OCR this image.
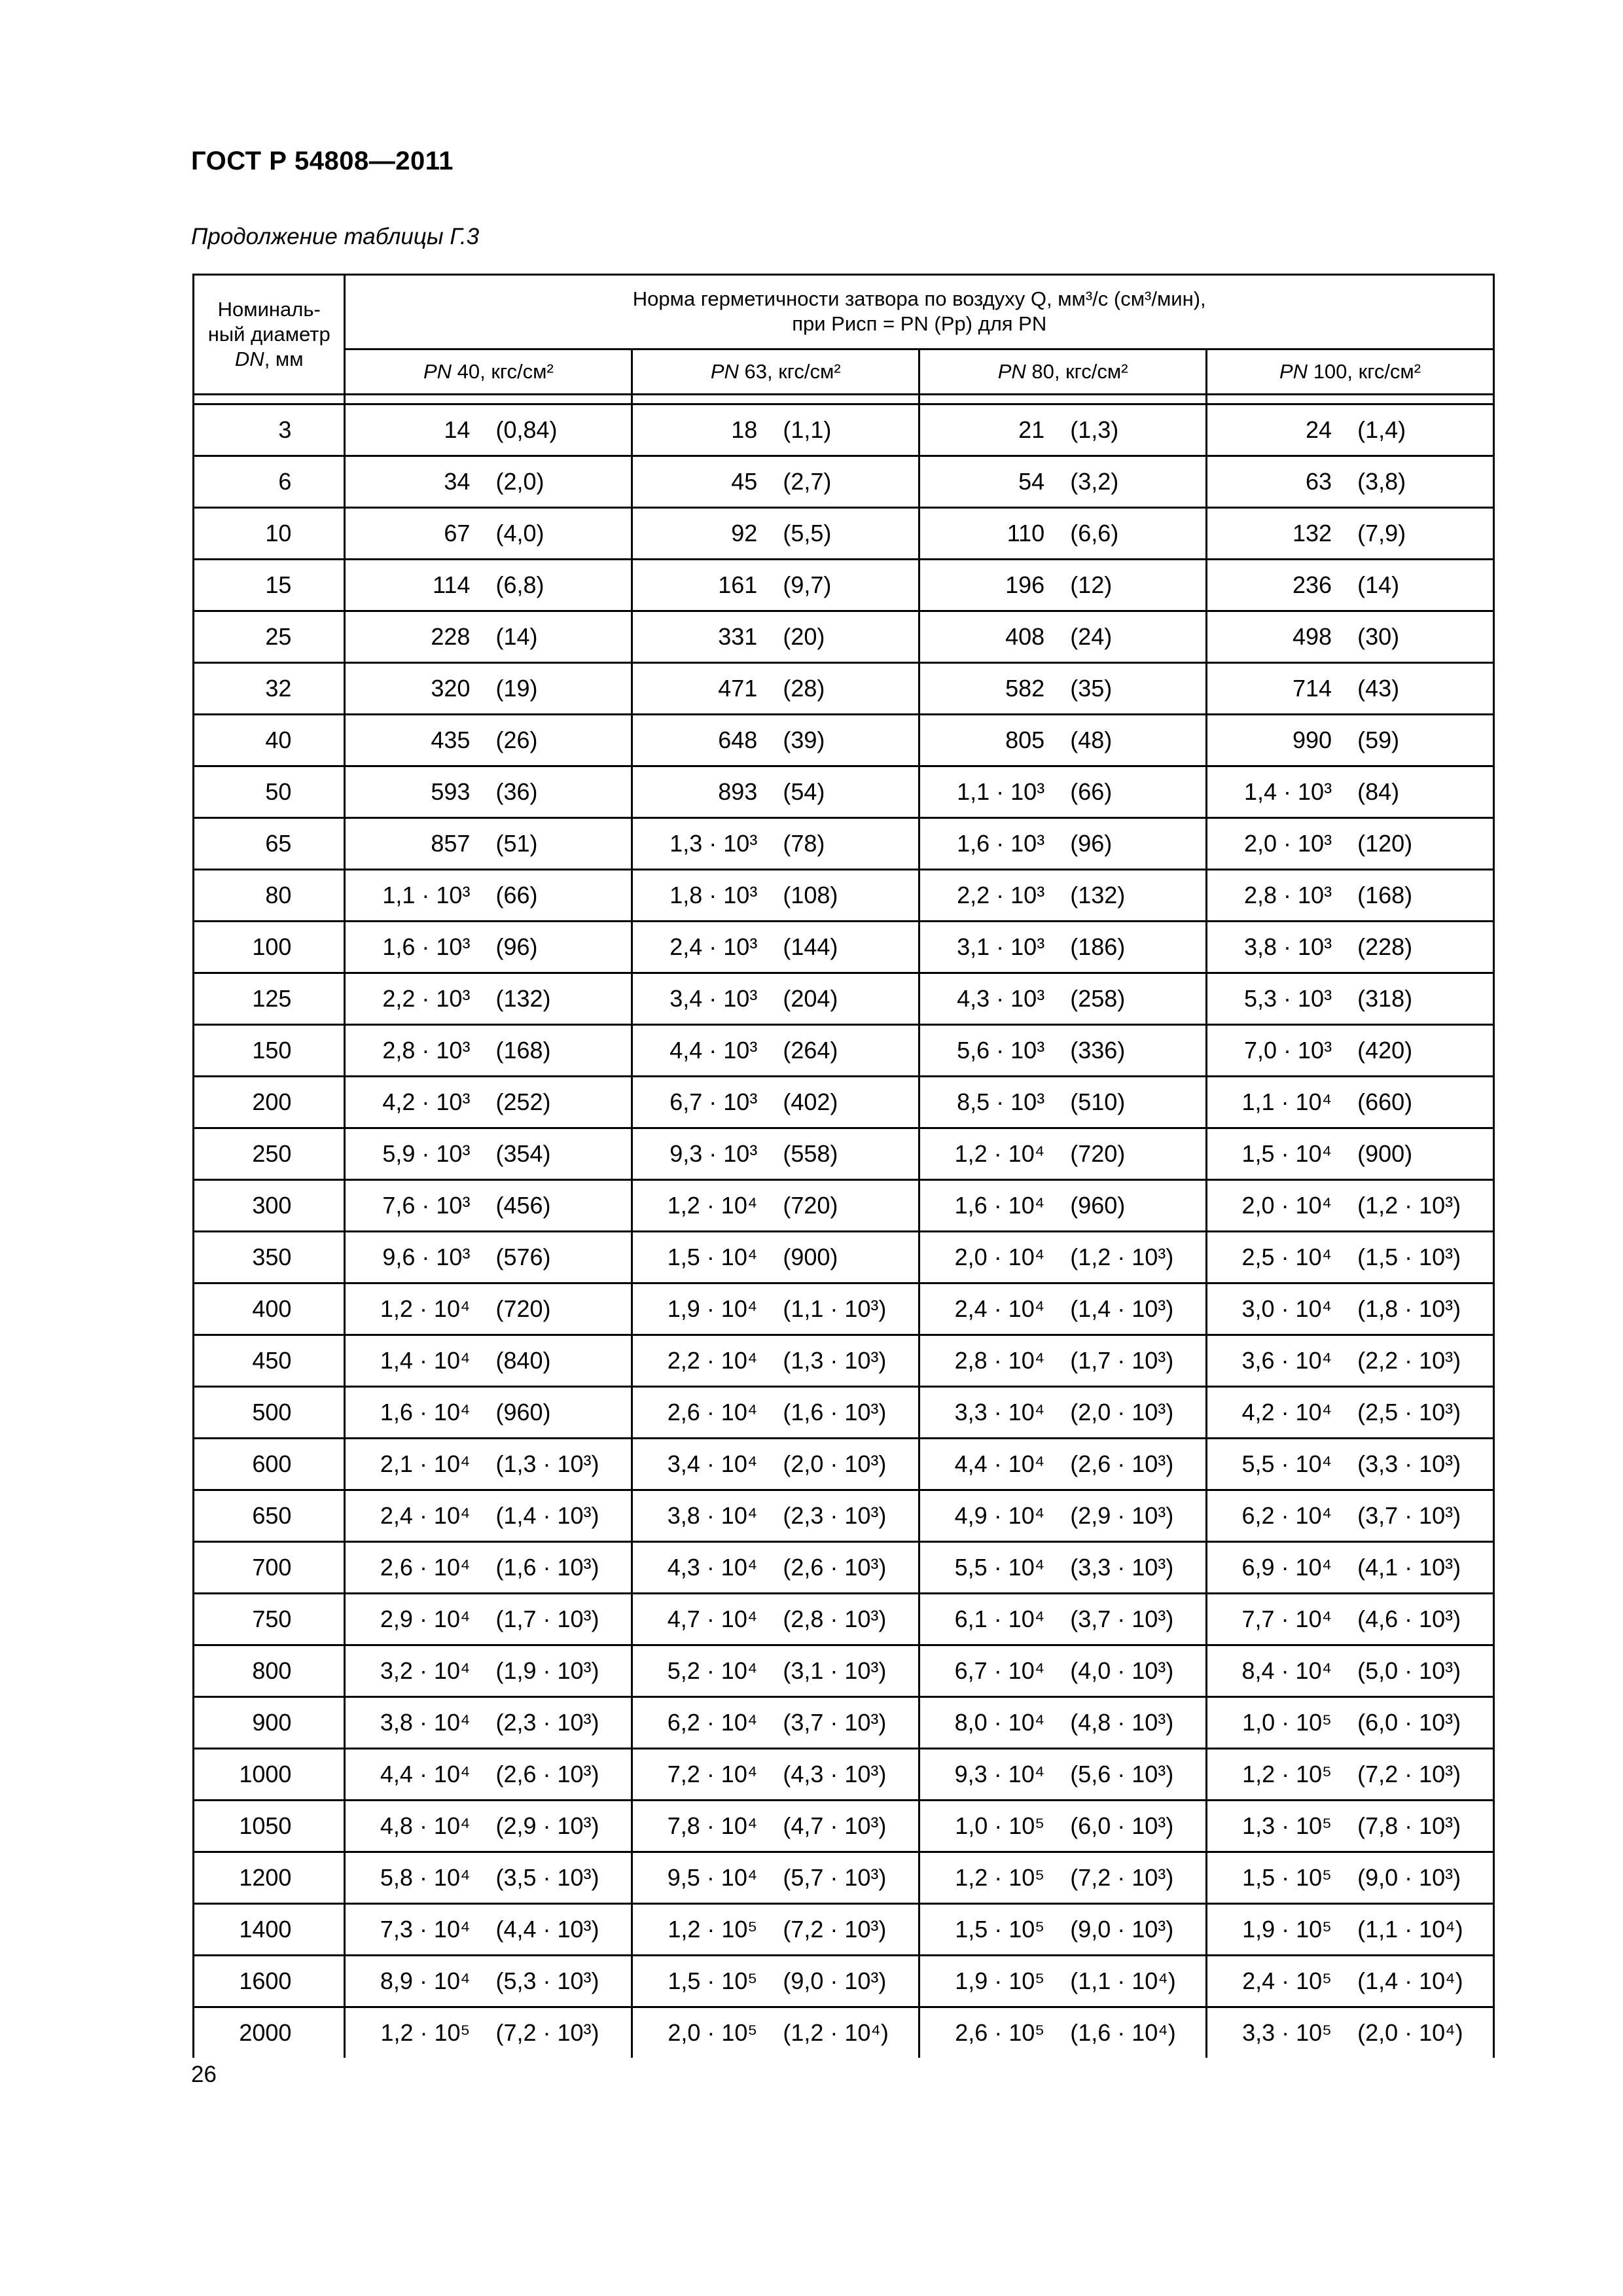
ГОСТ Р 54808—2011

Продолжение таблицы Г.3

Номиналь-
ный диаметр
DN, мм	Норма герметичности затвора по воздуху Q, мм³/с (см³/мин),
при Pисп = PN (Pр) для PN			
	PN 40, кгс/см²	PN 63, кгс/см²	PN 80, кгс/см²	PN 100, кгс/см²

3	14 (0,84)	18 (1,1)	21 (1,3)	24 (1,4)

6	34 (2,0)	45 (2,7)	54 (3,2)	63 (3,8)

10	67 (4,0)	92 (5,5)	110 (6,6)	132 (7,9)

15	114 (6,8)	161 (9,7)	196 (12)	236 (14)

25	228 (14)	331 (20)	408 (24)	498 (30)

32	320 (19)	471 (28)	582 (35)	714 (43)

40	435 (26)	648 (39)	805 (48)	990 (59)

50	593 (36)	893 (54)	1,1 · 10³ (66)	1,4 · 10³ (84)

65	857 (51)	1,3 · 10³ (78)	1,6 · 10³ (96)	2,0 · 10³ (120)

80	1,1 · 10³ (66)	1,8 · 10³ (108)	2,2 · 10³ (132)	2,8 · 10³ (168)

100	1,6 · 10³ (96)	2,4 · 10³ (144)	3,1 · 10³ (186)	3,8 · 10³ (228)

125	2,2 · 10³ (132)	3,4 · 10³ (204)	4,3 · 10³ (258)	5,3 · 10³ (318)

150	2,8 · 10³ (168)	4,4 · 10³ (264)	5,6 · 10³ (336)	7,0 · 10³ (420)

200	4,2 · 10³ (252)	6,7 · 10³ (402)	8,5 · 10³ (510)	1,1 · 10⁴ (660)

250	5,9 · 10³ (354)	9,3 · 10³ (558)	1,2 · 10⁴ (720)	1,5 · 10⁴ (900)

300	7,6 · 10³ (456)	1,2 · 10⁴ (720)	1,6 · 10⁴ (960)	2,0 · 10⁴ (1,2 · 10³)

350	9,6 · 10³ (576)	1,5 · 10⁴ (900)	2,0 · 10⁴ (1,2 · 10³)	2,5 · 10⁴ (1,5 · 10³)

400	1,2 · 10⁴ (720)	1,9 · 10⁴ (1,1 · 10³)	2,4 · 10⁴ (1,4 · 10³)	3,0 · 10⁴ (1,8 · 10³)

450	1,4 · 10⁴ (840)	2,2 · 10⁴ (1,3 · 10³)	2,8 · 10⁴ (1,7 · 10³)	3,6 · 10⁴ (2,2 · 10³)

500	1,6 · 10⁴ (960)	2,6 · 10⁴ (1,6 · 10³)	3,3 · 10⁴ (2,0 · 10³)	4,2 · 10⁴ (2,5 · 10³)

600	2,1 · 10⁴ (1,3 · 10³)	3,4 · 10⁴ (2,0 · 10³)	4,4 · 10⁴ (2,6 · 10³)	5,5 · 10⁴ (3,3 · 10³)

650	2,4 · 10⁴ (1,4 · 10³)	3,8 · 10⁴ (2,3 · 10³)	4,9 · 10⁴ (2,9 · 10³)	6,2 · 10⁴ (3,7 · 10³)

700	2,6 · 10⁴ (1,6 · 10³)	4,3 · 10⁴ (2,6 · 10³)	5,5 · 10⁴ (3,3 · 10³)	6,9 · 10⁴ (4,1 · 10³)

750	2,9 · 10⁴ (1,7 · 10³)	4,7 · 10⁴ (2,8 · 10³)	6,1 · 10⁴ (3,7 · 10³)	7,7 · 10⁴ (4,6 · 10³)

800	3,2 · 10⁴ (1,9 · 10³)	5,2 · 10⁴ (3,1 · 10³)	6,7 · 10⁴ (4,0 · 10³)	8,4 · 10⁴ (5,0 · 10³)

900	3,8 · 10⁴ (2,3 · 10³)	6,2 · 10⁴ (3,7 · 10³)	8,0 · 10⁴ (4,8 · 10³)	1,0 · 10⁵ (6,0 · 10³)

1000	4,4 · 10⁴ (2,6 · 10³)	7,2 · 10⁴ (4,3 · 10³)	9,3 · 10⁴ (5,6 · 10³)	1,2 · 10⁵ (7,2 · 10³)

1050	4,8 · 10⁴ (2,9 · 10³)	7,8 · 10⁴ (4,7 · 10³)	1,0 · 10⁵ (6,0 · 10³)	1,3 · 10⁵ (7,8 · 10³)

1200	5,8 · 10⁴ (3,5 · 10³)	9,5 · 10⁴ (5,7 · 10³)	1,2 · 10⁵ (7,2 · 10³)	1,5 · 10⁵ (9,0 · 10³)

1400	7,3 · 10⁴ (4,4 · 10³)	1,2 · 10⁵ (7,2 · 10³)	1,5 · 10⁵ (9,0 · 10³)	1,9 · 10⁵ (1,1 · 10⁴)

1600	8,9 · 10⁴ (5,3 · 10³)	1,5 · 10⁵ (9,0 · 10³)	1,9 · 10⁵ (1,1 · 10⁴)	2,4 · 10⁵ (1,4 · 10⁴)

2000	1,2 · 10⁵ (7,2 · 10³)	2,0 · 10⁵ (1,2 · 10⁴)	2,6 · 10⁵ (1,6 · 10⁴)	3,3 · 10⁵ (2,0 · 10⁴)
26
